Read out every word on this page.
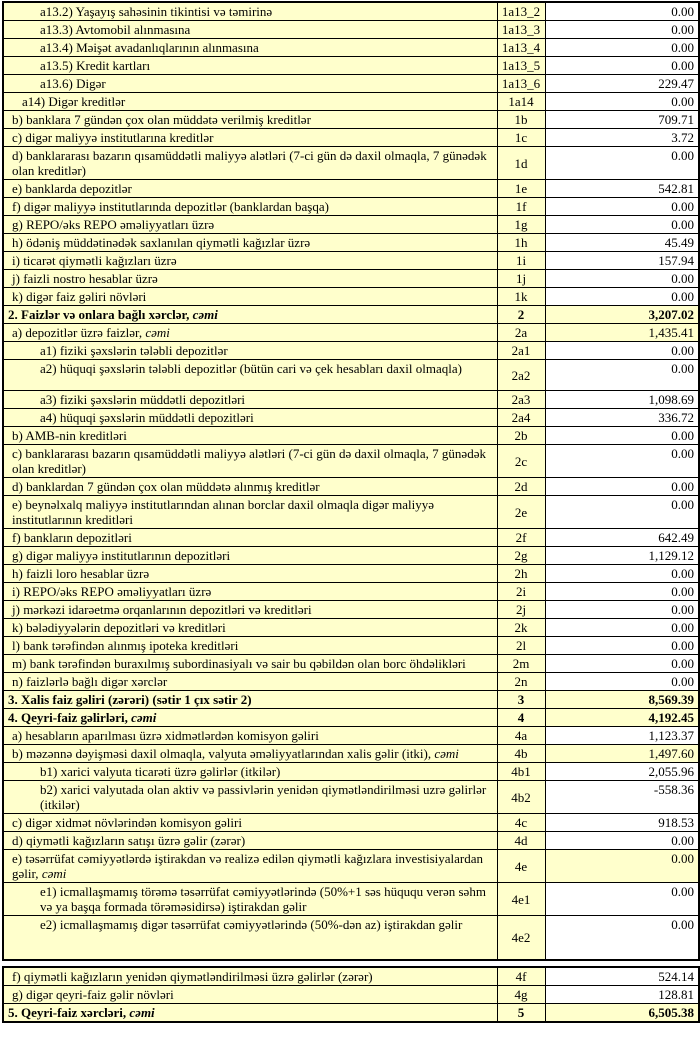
a13.2) Yaşayış sahəsinin tikintisi və təmirinə	1a13_2	0.00
a13.3) Avtomobil alınmasına	1a13_3	0.00
a13.4) Məişət avadanlıqlarının alınmasına	1a13_4	0.00
a13.5) Kredit kartları	1a13_5	0.00
a13.6) Digər	1a13_6	229.47
a14) Digər kreditlər	1a14	0.00
b) banklara 7 gündən çox olan müddətə verilmiş kreditlər	1b	709.71
c) digər maliyyə institutlarına kreditlər	1c	3.72
d) banklararası bazarın qısamüddətli maliyyə alətləri (7-ci gün də daxil olmaqla, 7 günədək olan kreditlər)	1d	0.00
e) banklarda depozitlər	1e	542.81
f) digər maliyyə institutlarında depozitlər (banklardan başqa)	1f	0.00
g) REPO/əks REPO əməliyyatları üzrə	1g	0.00
h) ödəniş müddətinədək saxlanılan qiymətli kağızlar üzrə	1h	45.49
i) ticarət qiymətli kağızları üzrə	1i	157.94
j) faizli nostro hesablar üzrə	1j	0.00
k) digər faiz gəliri növləri	1k	0.00
2. Faizlər və onlara bağlı xərclər, cəmi	2	3,207.02
a) depozitlər üzrə faizlər, cəmi	2a	1,435.41
a1) fiziki şəxslərin tələbli depozitlər	2a1	0.00
a2) hüquqi şəxslərin tələbli depozitlər (bütün cari və çek hesabları daxil olmaqla)	2a2	0.00
a3) fiziki şəxslərin müddətli depozitləri	2a3	1,098.69
a4) hüquqi şəxslərin müddətli depozitləri	2a4	336.72
b) AMB-nin kreditləri	2b	0.00
c) banklararası bazarın qısamüddətli maliyyə alətləri (7-ci gün də daxil olmaqla, 7 günədək olan kreditlər)	2c	0.00
d) banklardan 7 gündən çox olan müddətə alınmış kreditlər	2d	0.00
e) beynəlxalq maliyyə institutlarından alınan borclar daxil olmaqla digər maliyyə institutlarının kreditləri	2e	0.00
f) bankların depozitləri	2f	642.49
g) digər maliyyə institutlarının depozitləri	2g	1,129.12
h) faizli loro hesablar üzrə	2h	0.00
i) REPO/əks REPO əməliyyatları üzrə	2i	0.00
j) mərkəzi idarəetmə orqanlarının depozitləri və kreditləri	2j	0.00
k) bələdiyyələrin depozitləri və kreditləri	2k	0.00
l) bank tərəfindən alınmış ipoteka kreditləri	2l	0.00
m) bank tərəfindən buraxılmış subordinasiyalı və sair bu qəbildən olan borc öhdəlikləri	2m	0.00
n) faizlərlə bağlı digər xərclər	2n	0.00
3. Xalis faiz gəliri (zərəri) (sətir 1 çıx sətir 2)	3	8,569.39
4. Qeyri-faiz gəlirləri, cəmi	4	4,192.45
a) hesabların aparılması üzrə xidmətlərdən komisyon gəliri	4a	1,123.37
b) məzənnə dəyişməsi daxil olmaqla, valyuta əməliyyatlarından xalis gəlir (itki), cəmi	4b	1,497.60
b1) xarici valyuta ticarəti üzrə gəlirlər (itkilər)	4b1	2,055.96
b2) xarici valyutada olan aktiv və passivlərin yenidən qiymətləndirilməsi uzrə gəlirlər (itkilər)	4b2	-558.36
c) digər xidmət növlərindən komisyon gəliri	4c	918.53
d) qiymətli kağızların satışı üzrə gəlir (zərər)	4d	0.00
e) təsərrüfat cəmiyyətlərdə iştirakdan və realizə edilən qiymətli kağızlara investisiyalardan gəlir, cəmi	4e	0.00
e1) icmallaşmamış törəmə təsərrüfat cəmiyyətlərində (50%+1 səs hüququ verən səhm və ya başqa formada törəməsidirsə) iştirakdan gəlir	4e1	0.00
e2) icmallaşmamış digər təsərrüfat cəmiyyətlərində (50%-dən az) iştirakdan gəlir	4e2	0.00
f) qiymətli kağızların yenidən qiymətləndirilməsi üzrə gəlirlər (zərər)	4f	524.14
g) digər qeyri-faiz gəlir növləri	4g	128.81
5. Qeyri-faiz xərcləri, cəmi	5	6,505.38
